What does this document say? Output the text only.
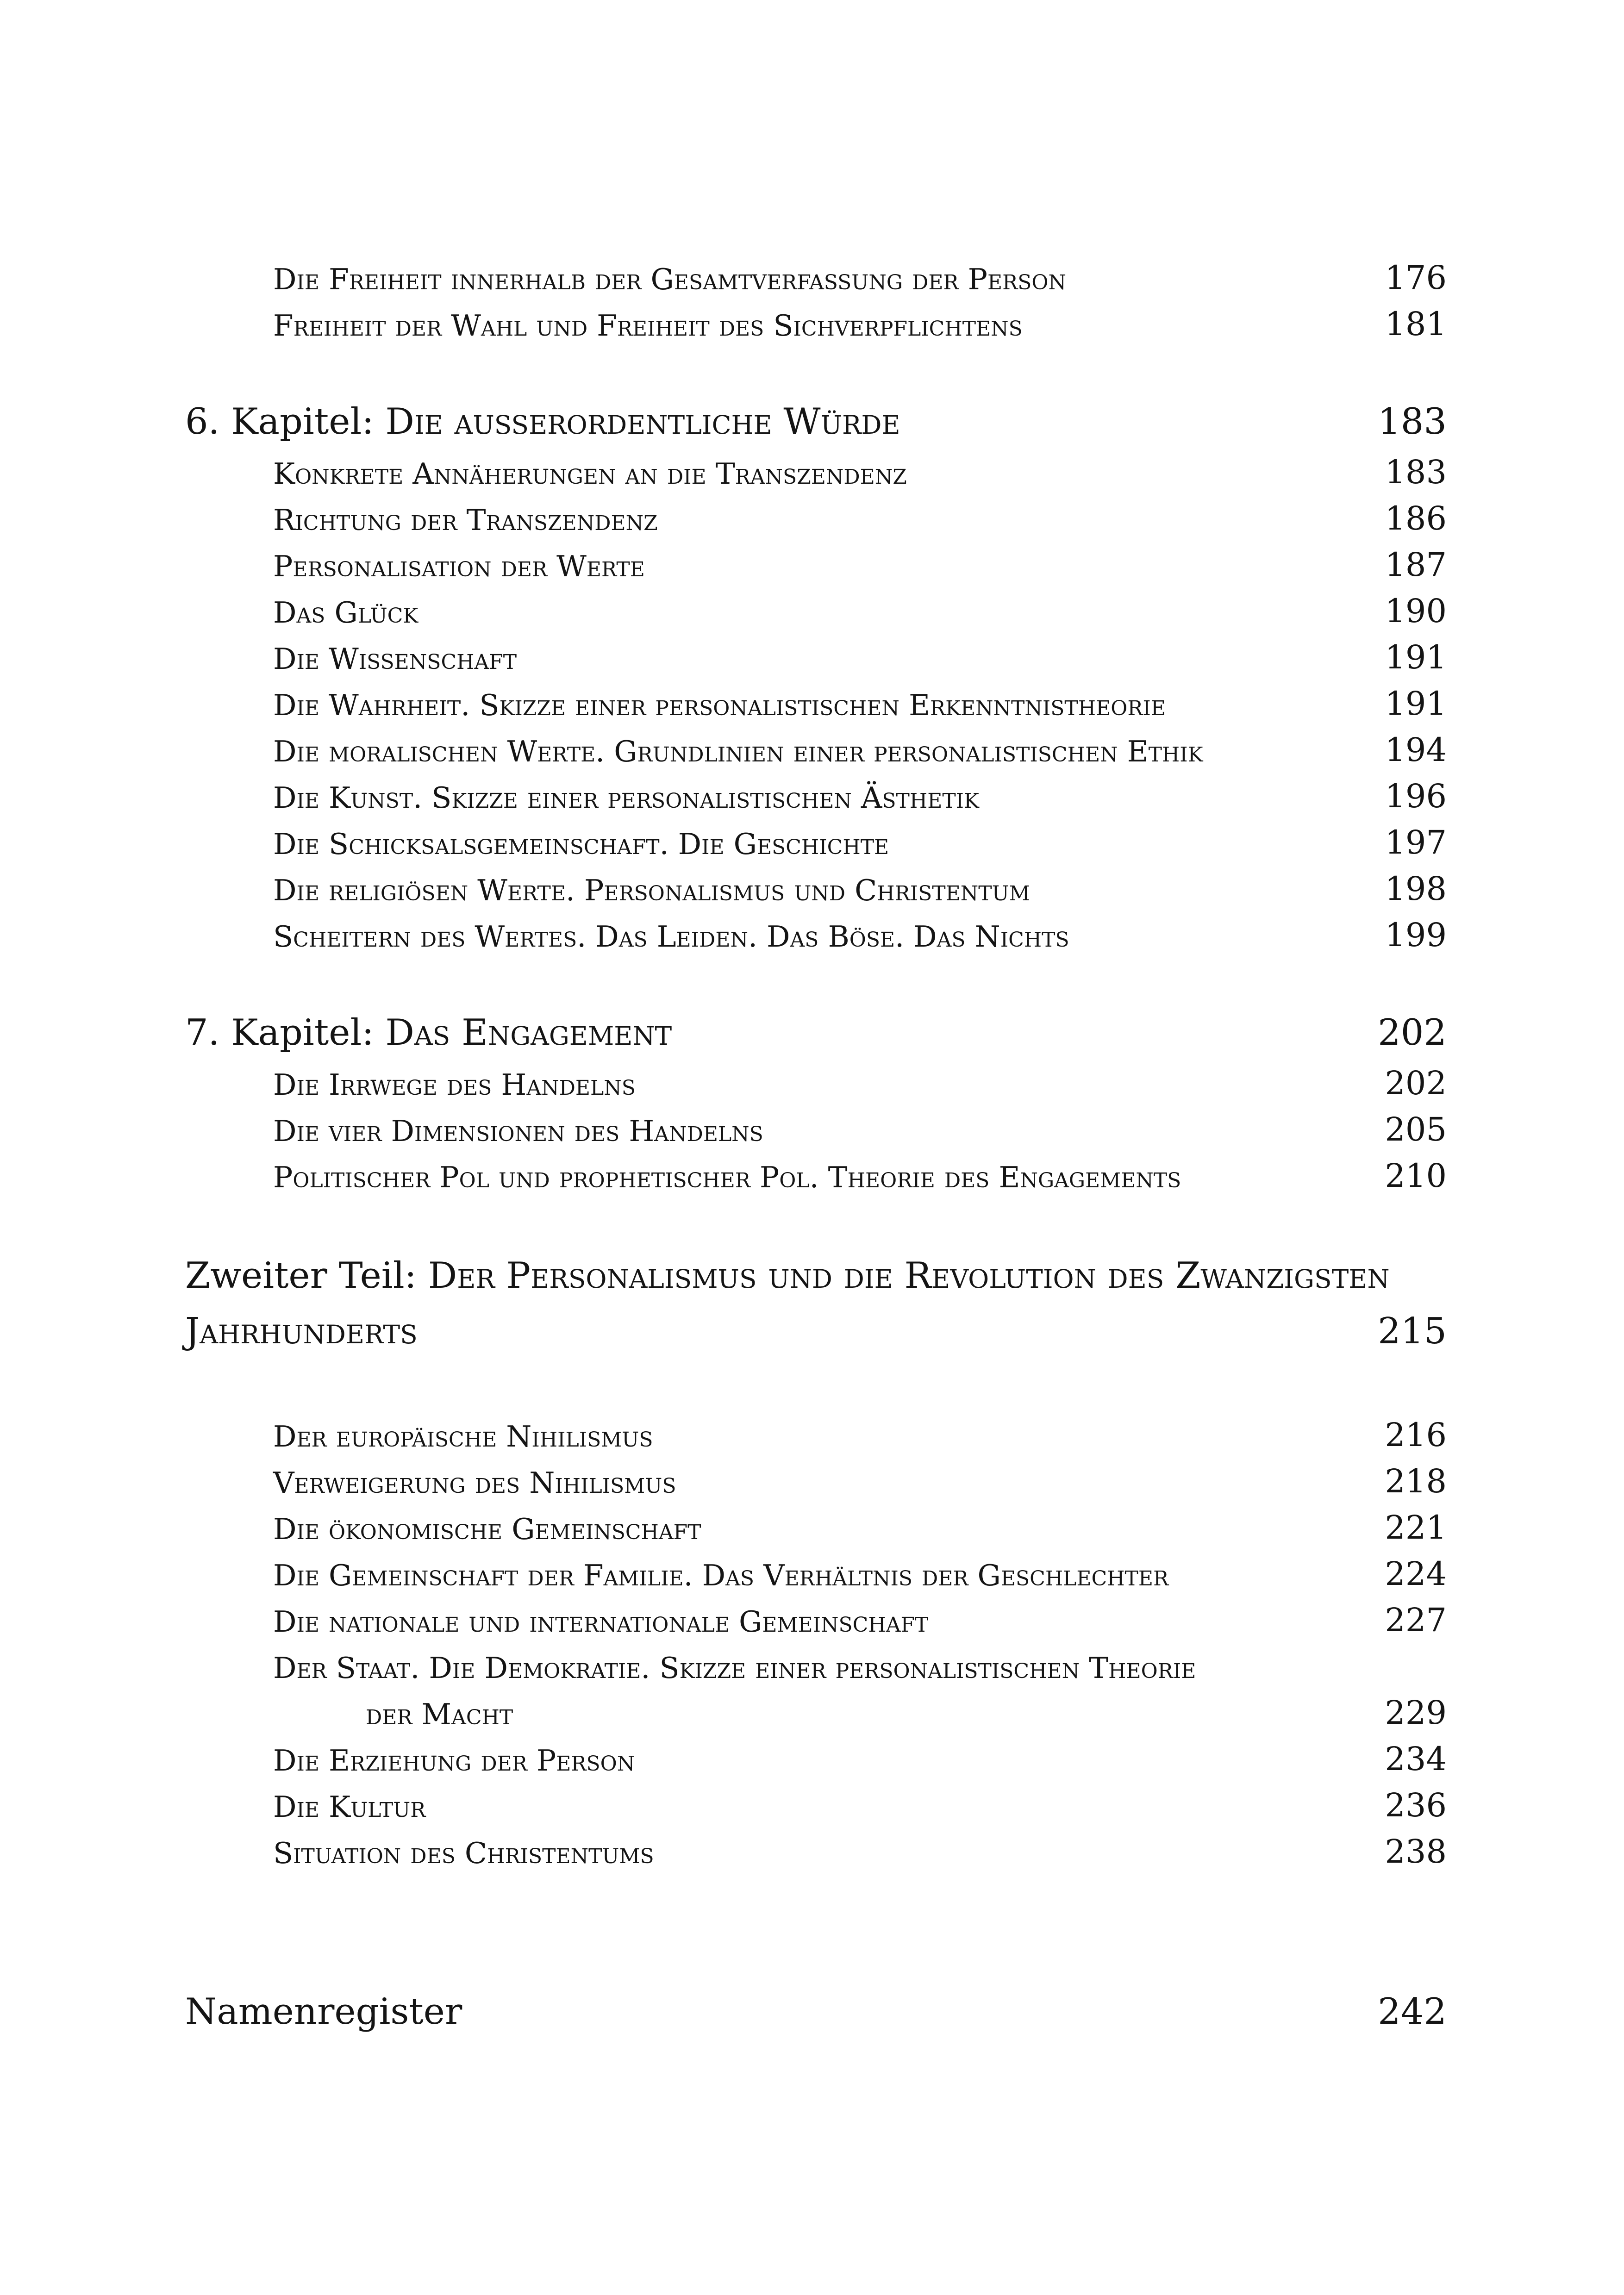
Die Freiheit innerhalb der Gesamtverfassung der Person	176
Freiheit der Wahl und Freiheit des Sichverpflichtens	181
6. Kapitel: Die ausserordentliche Würde	183
Konkrete Annäherungen an die Transzendenz	183
Richtung der Transzendenz	186
Personalisation der Werte	187
Das Glück	190
Die Wissenschaft	191
Die Wahrheit. Skizze einer personalistischen Erkenntnistheorie	191
Die moralischen Werte. Grundlinien einer personalistischen Ethik	194
Die Kunst. Skizze einer personalistischen Ästhetik	196
Die Schicksalsgemeinschaft. Die Geschichte	197
Die religiösen Werte. Personalismus und Christentum	198
Scheitern des Wertes. Das Leiden. Das Böse. Das Nichts	199
7. Kapitel: Das Engagement	202
Die Irrwege des Handelns	202
Die vier Dimensionen des Handelns	205
Politischer Pol und prophetischer Pol. Theorie des Engagements	210
Zweiter Teil: Der Personalismus und die Revolution des Zwanzigsten
Jahrhunderts	215
Der europäische Nihilismus	216
Verweigerung des Nihilismus	218
Die ökonomische Gemeinschaft	221
Die Gemeinschaft der Familie. Das Verhältnis der Geschlechter	224
Die nationale und internationale Gemeinschaft	227
Der Staat. Die Demokratie. Skizze einer personalistischen Theorie
der Macht	229
Die Erziehung der Person	234
Die Kultur	236
Situation des Christentums	238
Namenregister	242
